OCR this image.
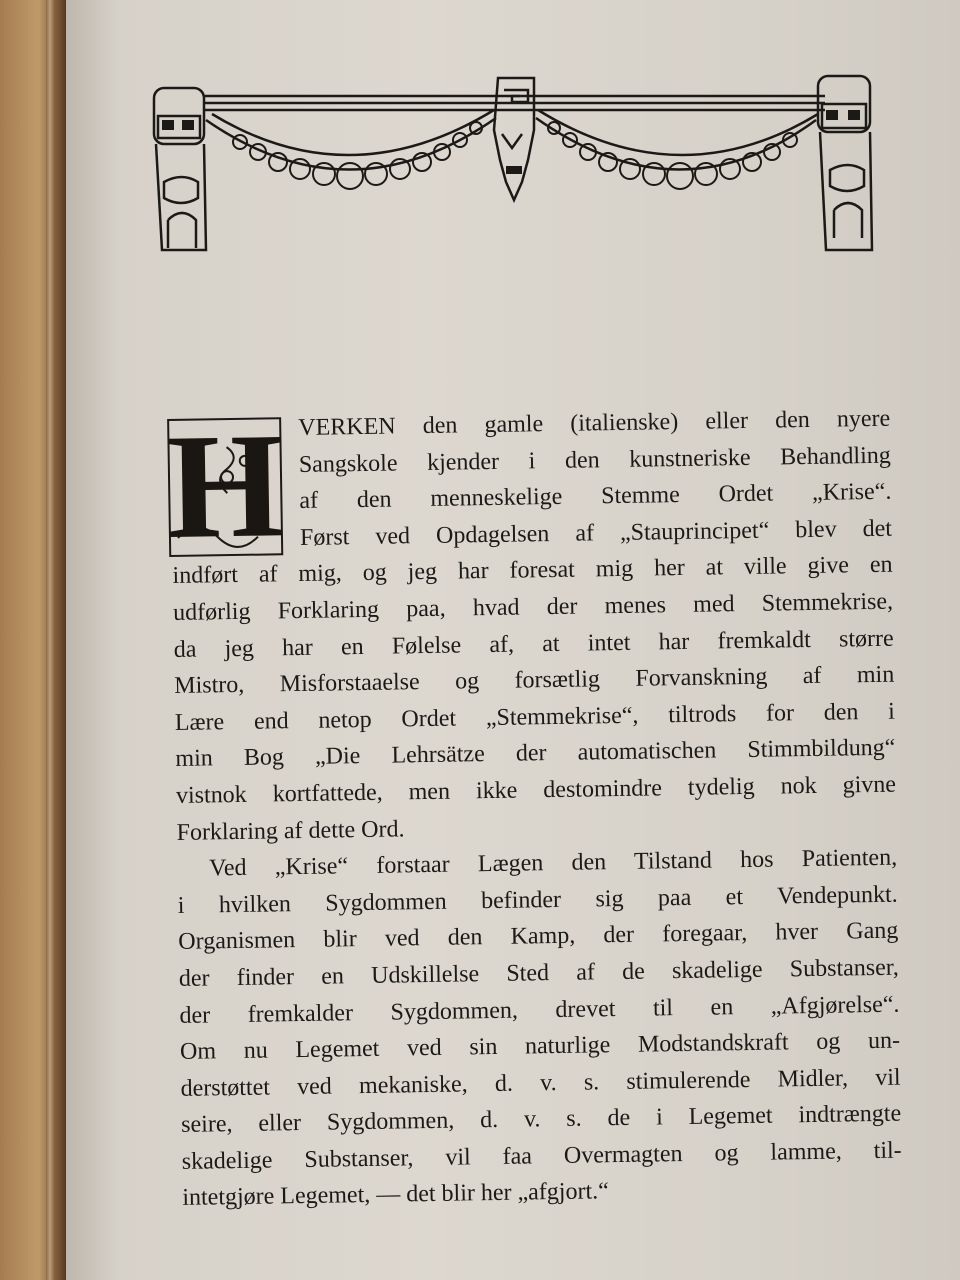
H VERKEN den gamle (italienske) eller den nyere
Sangskole kjender i den kunstneriske Behandling
af den menneskelige Stemme Ordet „Krise“.
Først ved Opdagelsen af „Stauprincipet“ blev det
indført af mig, og jeg har foresat mig her at ville give en
udførlig Forklaring paa, hvad der menes med Stemmekrise,
da jeg har en Følelse af, at intet har fremkaldt større
Mistro, Misforstaaelse og forsætlig Forvanskning af min
Lære end netop Ordet „Stemmekrise“, tiltrods for den i
min Bog „Die Lehrsätze der automatischen Stimmbildung“
vistnok kortfattede, men ikke destomindre tydelig nok givne
Forklaring af dette Ord.
Ved „Krise“ forstaar Lægen den Tilstand hos Patienten,
i hvilken Sygdommen befinder sig paa et Vendepunkt.
Organismen blir ved den Kamp, der foregaar, hver Gang
der finder en Udskillelse Sted af de skadelige Substanser,
der fremkalder Sygdommen, drevet til en „Afgjørelse“.
Om nu Legemet ved sin naturlige Modstandskraft og un-
derstøttet ved mekaniske, d. v. s. stimulerende Midler, vil
seire, eller Sygdommen, d. v. s. de i Legemet indtrængte
skadelige Substanser, vil faa Overmagten og lamme, til-
intetgjøre Legemet, — det blir her „afgjort.“
